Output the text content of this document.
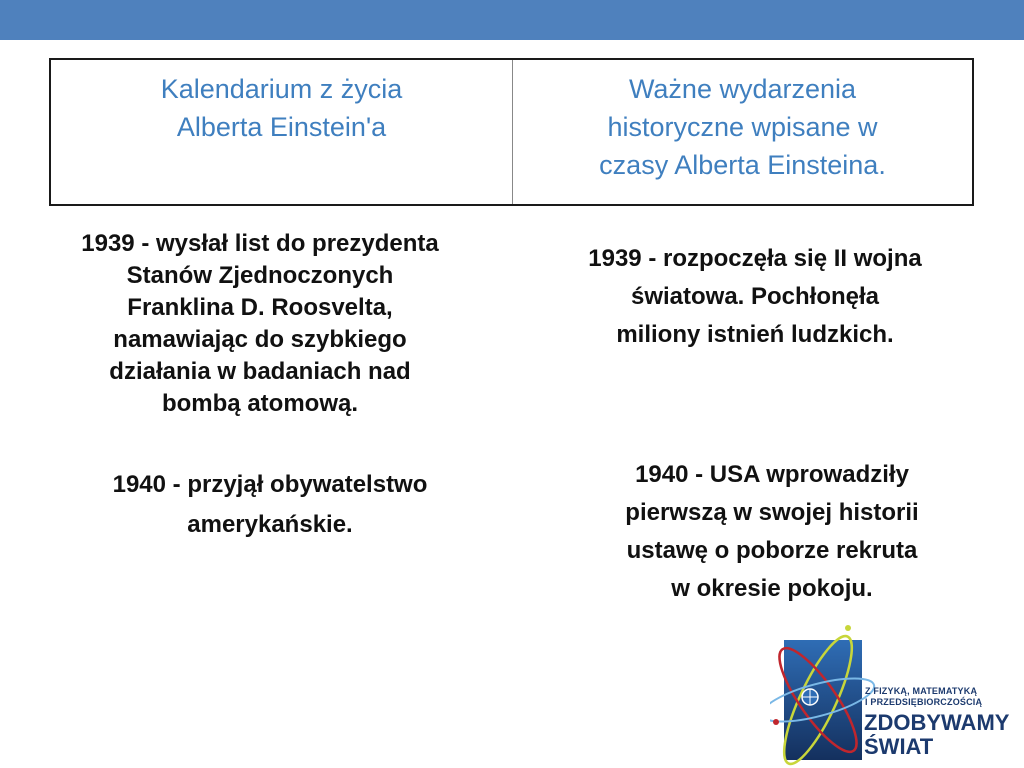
Kalendarium z życia
Alberta Einstein'a
Ważne wydarzenia
historyczne wpisane w
czasy Alberta Einsteina.
1939 - wysłał list do prezydenta
Stanów Zjednoczonych
Franklina D. Roosvelta,
namawiając do szybkiego
działania w badaniach nad
bombą atomową.
1940 - przyjął obywatelstwo
amerykańskie.
1939 - rozpoczęła się II wojna
światowa. Pochłonęła
miliony istnień ludzkich.
1940 - USA wprowadziły
pierwszą w swojej historii
ustawę o poborze rekruta
w okresie pokoju.
Z FIZYKĄ, MATEMATYKĄ
I PRZEDSIĘBIORCZOŚCIĄ
ZDOBYWAMY
ŚWIAT
